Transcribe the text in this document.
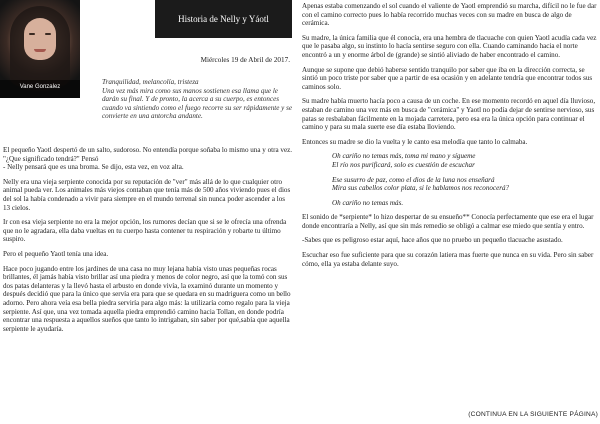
Vane Gonzalez
Historia de Nelly y Yáotl
Miércoles 19 de Abril de 2017.
Tranquilidad, melancolía, tristeza
Una vez más mira como sus manos sostienen esa llama que le darán su final. Y de pronto, la acerca a su cuerpo, es entonces cuando va sintiendo como el fuego recorre su ser rápidamente y se convierte en una antorcha andante.

El pequeño Yaotl despertó de un salto, sudoroso. No entendía porque soñaba lo mismo una y otra vez.

"¿Que significado tendrá?" Pensó

- Nelly pensará que es una broma. Se dijo, esta vez, en voz alta.

Nelly era una vieja serpiente conocida por su reputación de "ver" más allá de lo que cualquier otro animal pueda ver. Los animales más viejos contaban que tenía más de 500 años viviendo pues el dios del sol la había condenado a vivir para siempre en el mundo terrenal sin nunca poder ascender a los 13 cielos.

Ir con esa vieja serpiente no era la mejor opción, los rumores decían que si se le ofrecía una ofrenda que no le agradara, ella daba vueltas en tu cuerpo hasta contener tu respiración y robarte tu último suspiro.

Pero el pequeño Yaotl tenía una idea.

Hace poco jugando entre los jardines de una casa no muy lejana había visto unas pequeñas rocas brillantes, él jamás había visto brillar así una piedra y menos de color negro, así que la tomó con sus dos patas delanteras y la llevó hasta el arbusto en donde vivía, la examinó durante un momento y después decidió que para la único que servía era para que se quedara en su madriguera como un bello adorno. Pero ahora veía esa bella piedra serviría para algo más: la utilizaría como regalo para la vieja serpiente. Así que, una vez tomada aquella piedra emprendió camino hacia Tollan, en donde podría encontrar una respuesta a aquellos sueños que tanto lo intrigaban, sin saber por qué,sabía que aquella serpiente le ayudaría.

Apenas estaba comenzando el sol cuando el valiente de Yaotl emprendió su marcha, difícil no le fue dar con el camino correcto pues lo había recorrido muchas veces con su madre en busca de algo de cerámica.

Su madre, la única familia que él conocía, era una hembra de tlacuache con quien Yaotl acudía cada vez que le pasaba algo, su instinto lo hacía sentirse seguro con ella. Cuando caminando hacia el norte encontró a un y enorme árbol de (grande) se sintió aliviado de haber encontrado el camino.

Aunque se supone que debió haberse sentido tranquilo por saber que iba en la dirección correcta, se sintió un poco triste por saber que a partir de esa ocasión y en adelante tendría que encontrar todos sus caminos solo.

Su madre había muerto hacía poco a causa de un coche. En ese momento recordó en aquel día lluvioso, estaban de camino una vez más en busca de "cerámica" y Yaotl no podía dejar de sentirse nervioso, sus patas se resbalaban fácilmente en la mojada carretera, pero esa era la única opción para continuar el camino y para su mala suerte ese día estaba lloviendo.

Entonces su madre se dio la vuelta y le canto esa melodía que tanto lo calmaba.

Oh cariño no temas más, toma mi mano y sígueme

El río nos purificará, solo es cuestión de escuchar

Ese susurro de paz, como el dios de la luna nos enseñará

Mira sus cabellos color plata, si le hablamos nos reconocerá?

Oh cariño no temas más.

El sonido de *serpiente* lo hizo despertar de su ensueño** Conocía perfectamente que ese era el lugar donde encontraría a Nelly, así que sin más remedio se obligó a calmar ese miedo que sentía y entro.

-Sabes que es peligroso estar aquí, hace años que no pruebo un pequeño tlacuache asustado.

Escuchar eso fue suficiente para que su corazón latiera mas fuerte que nunca en su vida. Pero sin saber cómo, ella ya estaba delante suyo.

(CONTINUA EN LA SIGUIENTE PÁGINA)
